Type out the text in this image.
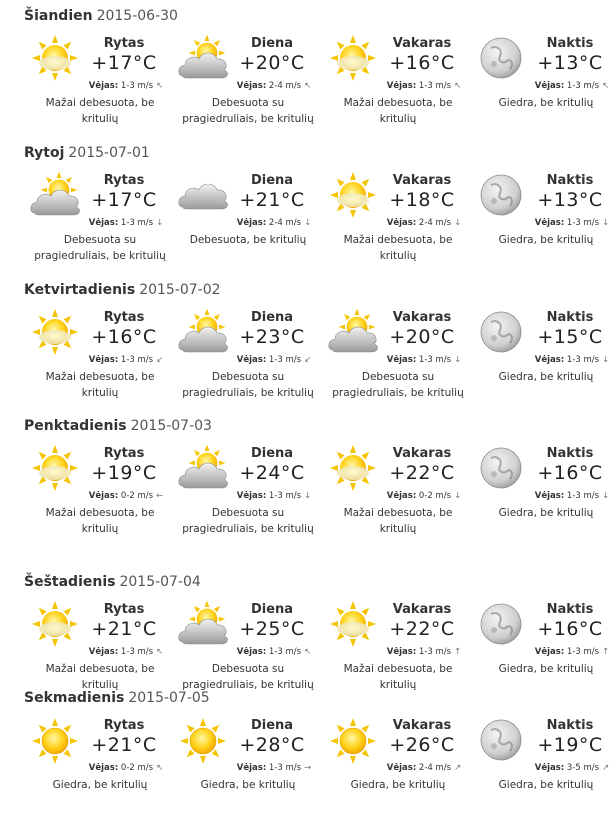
Šiandien 2015-06-30
Rytas
+17°C
Vėjas: 1-3 m/s ↖
Mažai debesuota, be kritulių
Diena
+20°C
Vėjas: 2-4 m/s ↖
Debesuota su pragiedruliais, be kritulių
Vakaras
+16°C
Vėjas: 1-3 m/s ↖
Mažai debesuota, be kritulių
Naktis
+13°C
Vėjas: 1-3 m/s ↖
Giedra, be kritulių
Rytoj 2015-07-01
Rytas
+17°C
Vėjas: 1-3 m/s ↓
Debesuota su pragiedruliais, be kritulių
Diena
+21°C
Vėjas: 2-4 m/s ↓
Debesuota, be kritulių
Vakaras
+18°C
Vėjas: 2-4 m/s ↓
Mažai debesuota, be kritulių
Naktis
+13°C
Vėjas: 1-3 m/s ↓
Giedra, be kritulių
Ketvirtadienis 2015-07-02
Rytas
+16°C
Vėjas: 1-3 m/s ↙
Mažai debesuota, be kritulių
Diena
+23°C
Vėjas: 1-3 m/s ↙
Debesuota su pragiedruliais, be kritulių
Vakaras
+20°C
Vėjas: 1-3 m/s ↓
Debesuota su pragiedruliais, be kritulių
Naktis
+15°C
Vėjas: 1-3 m/s ↓
Giedra, be kritulių
Penktadienis 2015-07-03
Rytas
+19°C
Vėjas: 0-2 m/s ←
Mažai debesuota, be kritulių
Diena
+24°C
Vėjas: 1-3 m/s ↓
Debesuota su pragiedruliais, be kritulių
Vakaras
+22°C
Vėjas: 0-2 m/s ↓
Mažai debesuota, be kritulių
Naktis
+16°C
Vėjas: 1-3 m/s ↓
Giedra, be kritulių
Šeštadienis 2015-07-04
Rytas
+21°C
Vėjas: 1-3 m/s ↖
Mažai debesuota, be kritulių
Diena
+25°C
Vėjas: 1-3 m/s ↖
Debesuota su pragiedruliais, be kritulių
Vakaras
+22°C
Vėjas: 1-3 m/s ↑
Mažai debesuota, be kritulių
Naktis
+16°C
Vėjas: 1-3 m/s ↑
Giedra, be kritulių
Sekmadienis 2015-07-05
Rytas
+21°C
Vėjas: 0-2 m/s ↖
Giedra, be kritulių
Diena
+28°C
Vėjas: 1-3 m/s →
Giedra, be kritulių
Vakaras
+26°C
Vėjas: 2-4 m/s ↗
Giedra, be kritulių
Naktis
+19°C
Vėjas: 3-5 m/s ↗
Giedra, be kritulių
